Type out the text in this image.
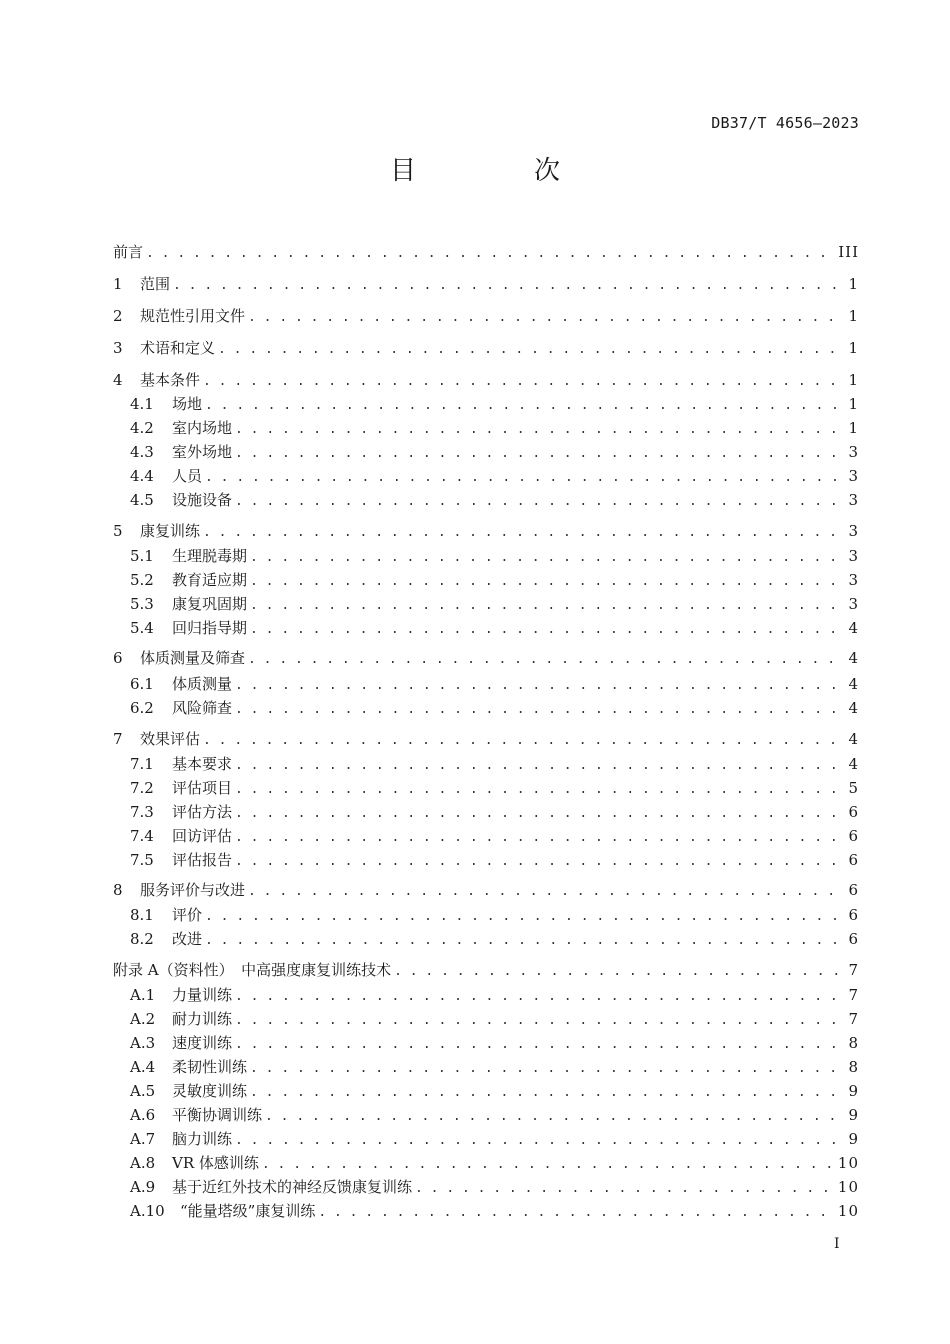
DB37/T 4656—2023
目　次
前言 . . .	III
1	范围 . . .	1
2	规范性引用文件 . . .	1
3	术语和定义 . . .	1
4	基本条件 . . .	1
4.1	场地 . . .	1
4.2	室内场地 . . .	1
4.3	室外场地 . . .	3
4.4	人员 . . .	3
4.5	设施设备 . . .	3
5	康复训练 . . .	3
5.1	生理脱毒期 . . .	3
5.2	教育适应期 . . .	3
5.3	康复巩固期 . . .	3
5.4	回归指导期 . . .	4
6	体质测量及筛查 . . .	4
6.1	体质测量 . . .	4
6.2	风险筛查 . . .	4
7	效果评估 . . .	4
7.1	基本要求 . . .	4
7.2	评估项目 . . .	5
7.3	评估方法 . . .	6
7.4	回访评估 . . .	6
7.5	评估报告 . . .	6
8	服务评价与改进 . . .	6
8.1	评价 . . .	6
8.2	改进 . . .	6
附录 A（资料性）　中高强度康复训练技术 . . .	7
A.1	力量训练 . . .	7
A.2	耐力训练 . . .	7
A.3	速度训练 . . .	8
A.4	柔韧性训练 . . .	8
A.5	灵敏度训练 . . .	9
A.6	平衡协调训练 . . .	9
A.7	脑力训练 . . .	9
A.8	VR 体感训练 . . .	10
A.9	基于近红外技术的神经反馈康复训练 . . .	10
A.10	“能量塔级”康复训练 . . .	10
I
